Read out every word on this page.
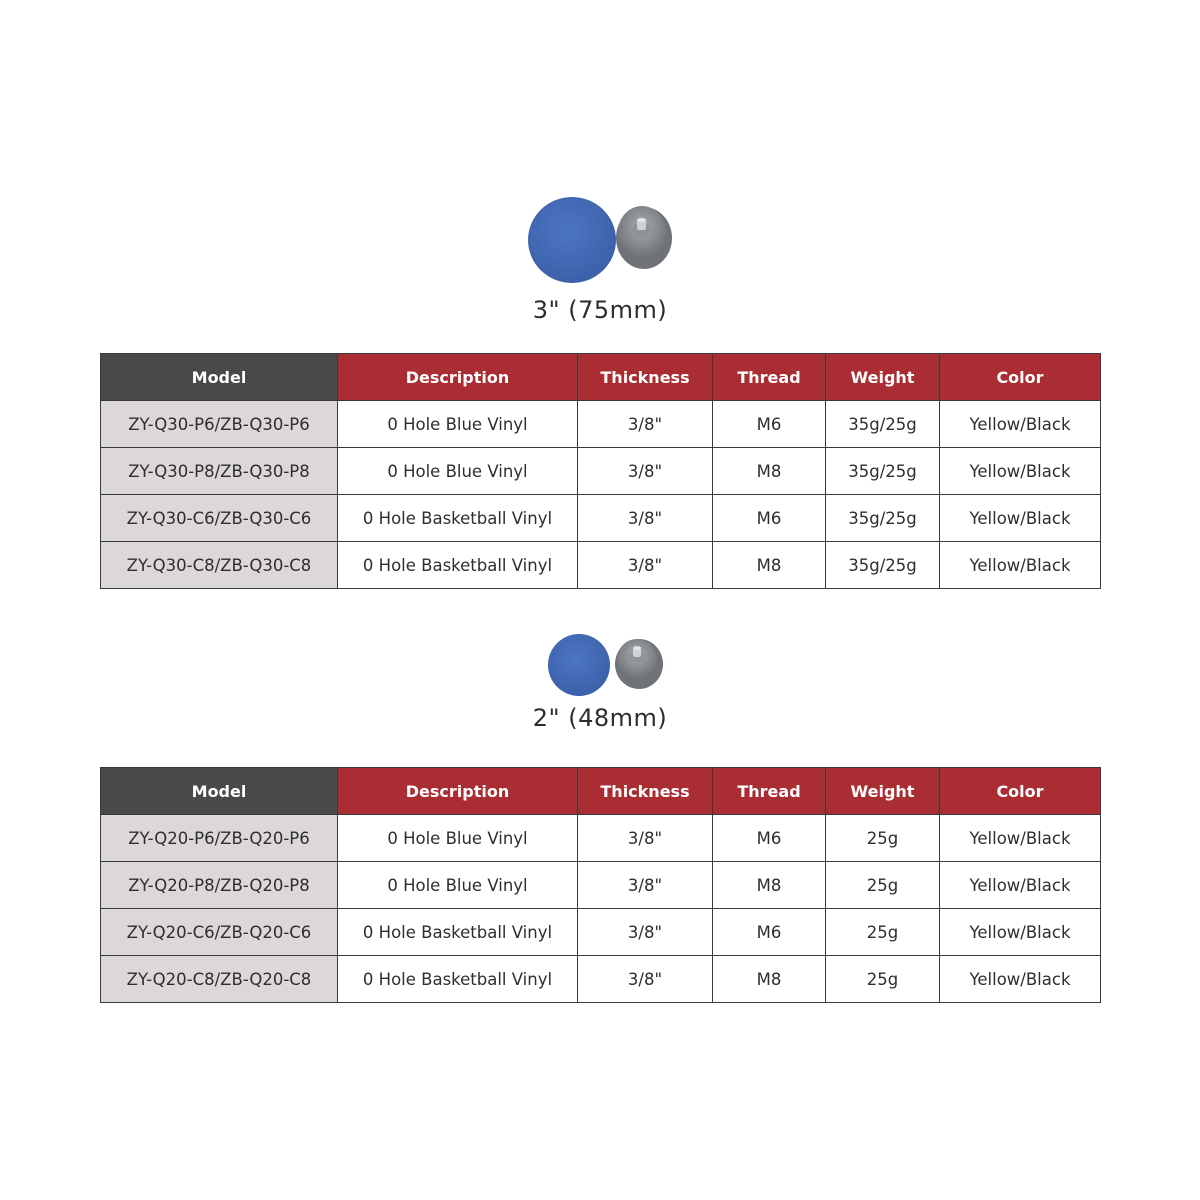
3" (75mm)
Model	Description	Thickness	Thread	Weight	Color
ZY-Q30-P6/ZB-Q30-P6	0 Hole Blue Vinyl	3/8"	M6	35g/25g	Yellow/Black
ZY-Q30-P8/ZB-Q30-P8	0 Hole Blue Vinyl	3/8"	M8	35g/25g	Yellow/Black
ZY-Q30-C6/ZB-Q30-C6	0 Hole Basketball Vinyl	3/8"	M6	35g/25g	Yellow/Black
ZY-Q30-C8/ZB-Q30-C8	0 Hole Basketball Vinyl	3/8"	M8	35g/25g	Yellow/Black
2" (48mm)
Model	Description	Thickness	Thread	Weight	Color
ZY-Q20-P6/ZB-Q20-P6	0 Hole Blue Vinyl	3/8"	M6	25g	Yellow/Black
ZY-Q20-P8/ZB-Q20-P8	0 Hole Blue Vinyl	3/8"	M8	25g	Yellow/Black
ZY-Q20-C6/ZB-Q20-C6	0 Hole Basketball Vinyl	3/8"	M6	25g	Yellow/Black
ZY-Q20-C8/ZB-Q20-C8	0 Hole Basketball Vinyl	3/8"	M8	25g	Yellow/Black
